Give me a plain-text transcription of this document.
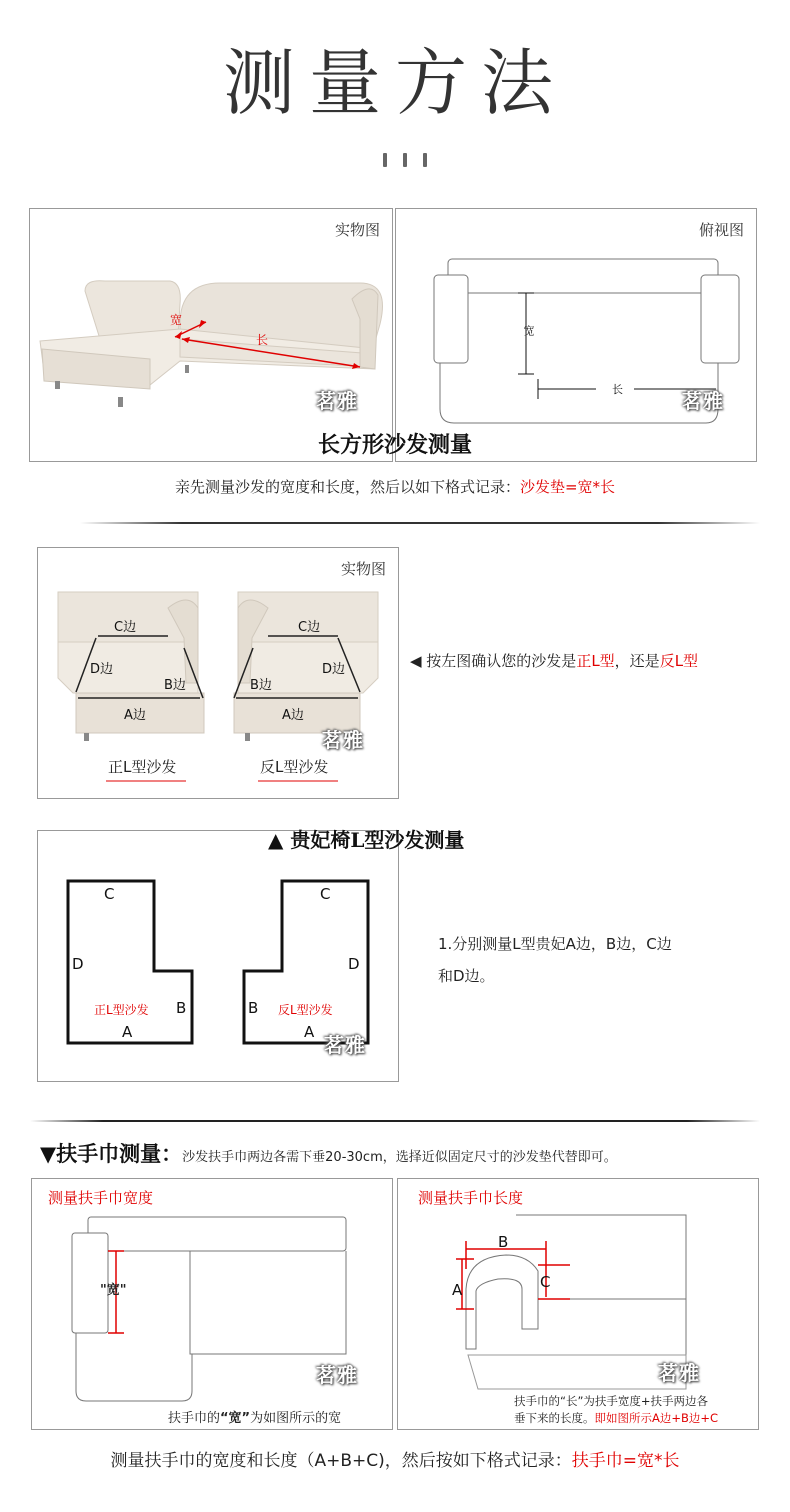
测量方法
实物图
宽
长
茗雅
俯视图
宽
长	茗雅
长方形沙发测量
亲先测量沙发的宽度和长度，然后以如下格式记录：沙发垫=宽*长
实物图
C边
D边
B边
A边
C边
D边
B边
A边
正L型沙发	反L型沙发
茗雅
◀ 按左图确认您的沙发是正L型，还是反L型
C
D
B
A
正L型沙发
C
D
B
A
反L型沙发
茗雅
▲ 贵妃椅L型沙发测量
1.分别测量L型贵妃A边，B边，C边
和D边。
▼扶手巾测量：沙发扶手巾两边各需下垂20-30cm，选择近似固定尺寸的沙发垫代替即可。
测量扶手巾宽度
"宽"
茗雅
扶手巾的“宽”为如图所示的宽
测量扶手巾长度
B
A	C
茗雅
扶手巾的“长”为扶手宽度+扶手两边各
垂下来的长度。即如图所示A边+B边+C
测量扶手巾的宽度和长度（A+B+C)，然后按如下格式记录：扶手巾=宽*长
